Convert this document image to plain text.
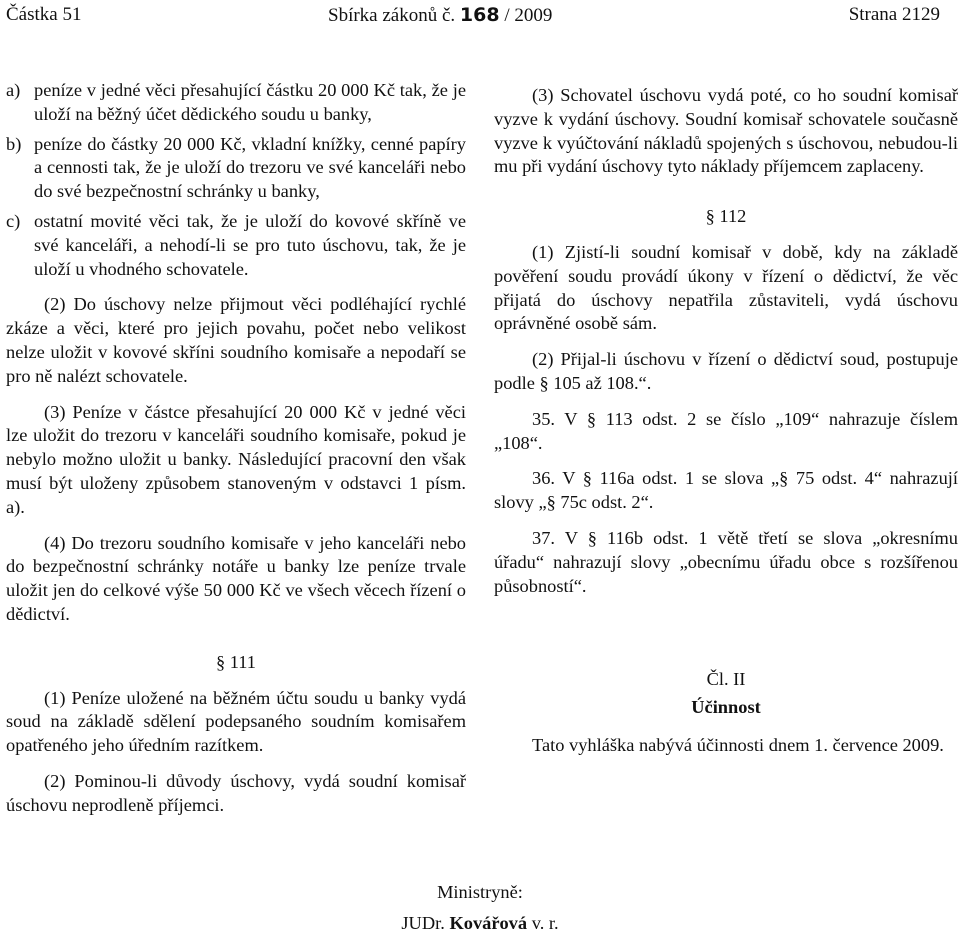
Částka 51	Sbírka zákonů č. 168 / 2009	Strana 2129
a) peníze v jedné věci přesahující částku 20 000 Kč tak, že je uloží na běžný účet dědického soudu u banky,
b) peníze do částky 20 000 Kč, vkladní knížky, cenné papíry a cennosti tak, že je uloží do trezoru ve své kanceláři nebo do své bezpečnostní schránky u banky,
c) ostatní movité věci tak, že je uloží do kovové skříně ve své kanceláři, a nehodí-li se pro tuto úschovu, tak, že je uloží u vhodného schovatele.

(2) Do úschovy nelze přijmout věci podléhající rychlé zkáze a věci, které pro jejich povahu, počet nebo velikost nelze uložit v kovové skříni soudního komisaře a nepodaří se pro ně nalézt schovatele.

(3) Peníze v částce přesahující 20 000 Kč v jedné věci lze uložit do trezoru v kanceláři soudního komisaře, pokud je nebylo možno uložit u banky. Následující pracovní den však musí být uloženy způsobem stanoveným v odstavci 1 písm. a).

(4) Do trezoru soudního komisaře v jeho kanceláři nebo do bezpečnostní schránky notáře u banky lze peníze trvale uložit jen do celkové výše 50 000 Kč ve všech věcech řízení o dědictví.

§ 111

(1) Peníze uložené na běžném účtu soudu u banky vydá soud na základě sdělení podepsaného soudním komisařem opatřeného jeho úředním razítkem.

(2) Pominou-li důvody úschovy, vydá soudní komisař úschovu neprodleně příjemci.

(3) Schovatel úschovu vydá poté, co ho soudní komisař vyzve k vydání úschovy. Soudní komisař schovatele současně vyzve k vyúčtování nákladů spojených s úschovou, nebudou-li mu při vydání úschovy tyto náklady příjemcem zaplaceny.

§ 112

(1) Zjistí-li soudní komisař v době, kdy na základě pověření soudu provádí úkony v řízení o dědictví, že věc přijatá do úschovy nepatřila zůstaviteli, vydá úschovu oprávněné osobě sám.

(2) Přijal-li úschovu v řízení o dědictví soud, postupuje podle § 105 až 108.“.

35. V § 113 odst. 2 se číslo „109“ nahrazuje číslem „108“.

36. V § 116a odst. 1 se slova „§ 75 odst. 4“ nahrazují slovy „§ 75c odst. 2“.

37. V § 116b odst. 1 větě třetí se slova „okresnímu úřadu“ nahrazují slovy „obecnímu úřadu obce s rozšířenou působností“.

Čl. II

Účinnost

Tato vyhláška nabývá účinnosti dnem 1. července 2009.

Ministryně:
JUDr. Kovářová v. r.
